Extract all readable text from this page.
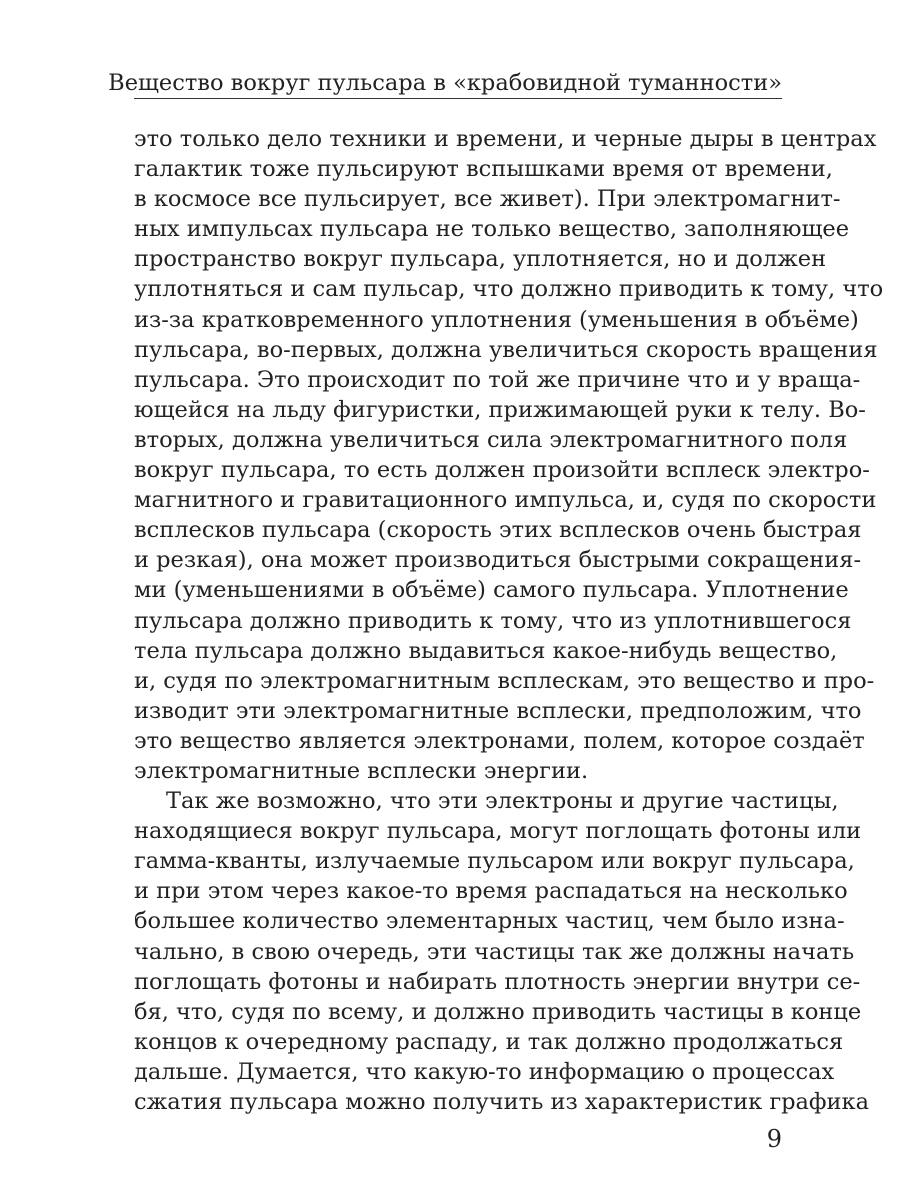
Вещество вокруг пульсара в «крабовидной туманности»
это только дело техники и времени, и черные дыры в центрах
галактик тоже пульсируют вспышками время от времени,
в космосе все пульсирует, все живет). При электромагнит-
ных импульсах пульсара не только вещество, заполняющее
пространство вокруг пульсара, уплотняется, но и должен
уплотняться и сам пульсар, что должно приводить к тому, что
из-за кратковременного уплотнения (уменьшения в объёме)
пульсара, во-первых, должна увеличиться скорость вращения
пульсара. Это происходит по той же причине что и у враща-
ющейся на льду фигуристки, прижимающей руки к телу. Во-
вторых, должна увеличиться сила электромагнитного поля
вокруг пульсара, то есть должен произойти всплеск электро-
магнитного и гравитационного импульса, и, судя по скорости
всплесков пульсара (скорость этих всплесков очень быстрая
и резкая), она может производиться быстрыми сокращения-
ми (уменьшениями в объёме) самого пульсара. Уплотнение
пульсара должно приводить к тому, что из уплотнившегося
тела пульсара должно выдавиться какое-нибудь вещество,
и, судя по электромагнитным всплескам, это вещество и про-
изводит эти электромагнитные всплески, предположим, что
это вещество является электронами, полем, которое создаёт
электромагнитные всплески энергии.
Так же возможно, что эти электроны и другие частицы,
находящиеся вокруг пульсара, могут поглощать фотоны или
гамма-кванты, излучаемые пульсаром или вокруг пульсара,
и при этом через какое-то время распадаться на несколько
большее количество элементарных частиц, чем было изна-
чально, в свою очередь, эти частицы так же должны начать
поглощать фотоны и набирать плотность энергии внутри се-
бя, что, судя по всему, и должно приводить частицы в конце
концов к очередному распаду, и так должно продолжаться
дальше. Думается, что какую-то информацию о процессах
сжатия пульсара можно получить из характеристик графика
9
